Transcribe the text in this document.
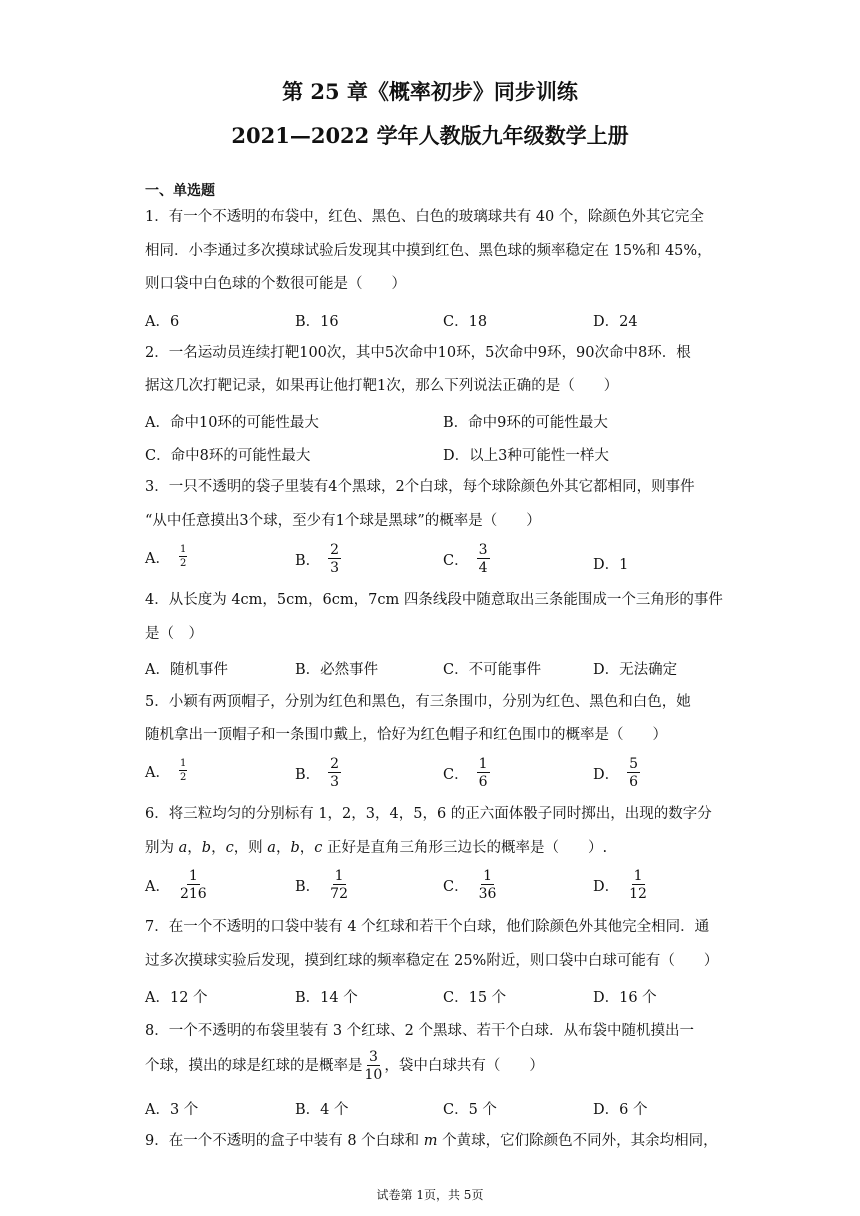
第 25 章《概率初步》同步训练
2021—2022 学年人教版九年级数学上册
一、单选题
1．有一个不透明的布袋中，红色、黑色、白色的玻璃球共有 40 个，除颜色外其它完全
相同．小李通过多次摸球试验后发现其中摸到红色、黑色球的频率稳定在 15%和 45%，
则口袋中白色球的个数很可能是（　　）
A．6	B．16	C．18	D．24
2．一名运动员连续打靶100次，其中5次命中10环，5次命中9环，90次命中8环．根
据这几次打靶记录，如果再让他打靶1次，那么下列说法正确的是（　　）
A．命中10环的可能性最大	B．命中9环的可能性最大
C．命中8环的可能性最大	D．以上3种可能性一样大
3．一只不透明的袋子里装有4个黑球，2个白球，每个球除颜色外其它都相同，则事件
“从中任意摸出3个球，至少有1个球是黑球”的概率是（　　）
A． $\frac{1}{2}$	B． $\frac{2}{3}$	C． $\frac{3}{4}$	D．1
4．从长度为 4cm，5cm，6cm，7cm 四条线段中随意取出三条能围成一个三角形的事件
是（　）
A．随机事件	B．必然事件	C．不可能事件	D．无法确定
5．小颖有两顶帽子，分别为红色和黑色，有三条围巾，分别为红色、黑色和白色，她
随机拿出一顶帽子和一条围巾戴上，恰好为红色帽子和红色围巾的概率是（　　）
A． $\frac{1}{2}$	B． $\frac{2}{3}$	C． $\frac{1}{6}$	D． $\frac{5}{6}$
6．将三粒均匀的分别标有 1，2，3，4，5，6 的正六面体骰子同时掷出，出现的数字分
别为 a，b，c，则 a，b，c 正好是直角三角形三边长的概率是（　　）.
A． $\frac{1}{216}$	B． $\frac{1}{72}$	C． $\frac{1}{36}$	D． $\frac{1}{12}$
7．在一个不透明的口袋中装有 4 个红球和若干个白球，他们除颜色外其他完全相同．通
过多次摸球实验后发现，摸到红球的频率稳定在 25%附近，则口袋中白球可能有（　　）
A．12 个	B．14 个	C．15 个	D．16 个
8．一个不透明的布袋里装有 3 个红球、2 个黑球、若干个白球．从布袋中随机摸出一
个球，摸出的球是红球的是概率是 $\frac{3}{10}$ ，袋中白球共有（　　）
A．3 个	B．4 个	C．5 个	D．6 个
9．在一个不透明的盒子中装有 8 个白球和 m 个黄球，它们除颜色不同外，其余均相同，
试卷第 1页，共 5页
